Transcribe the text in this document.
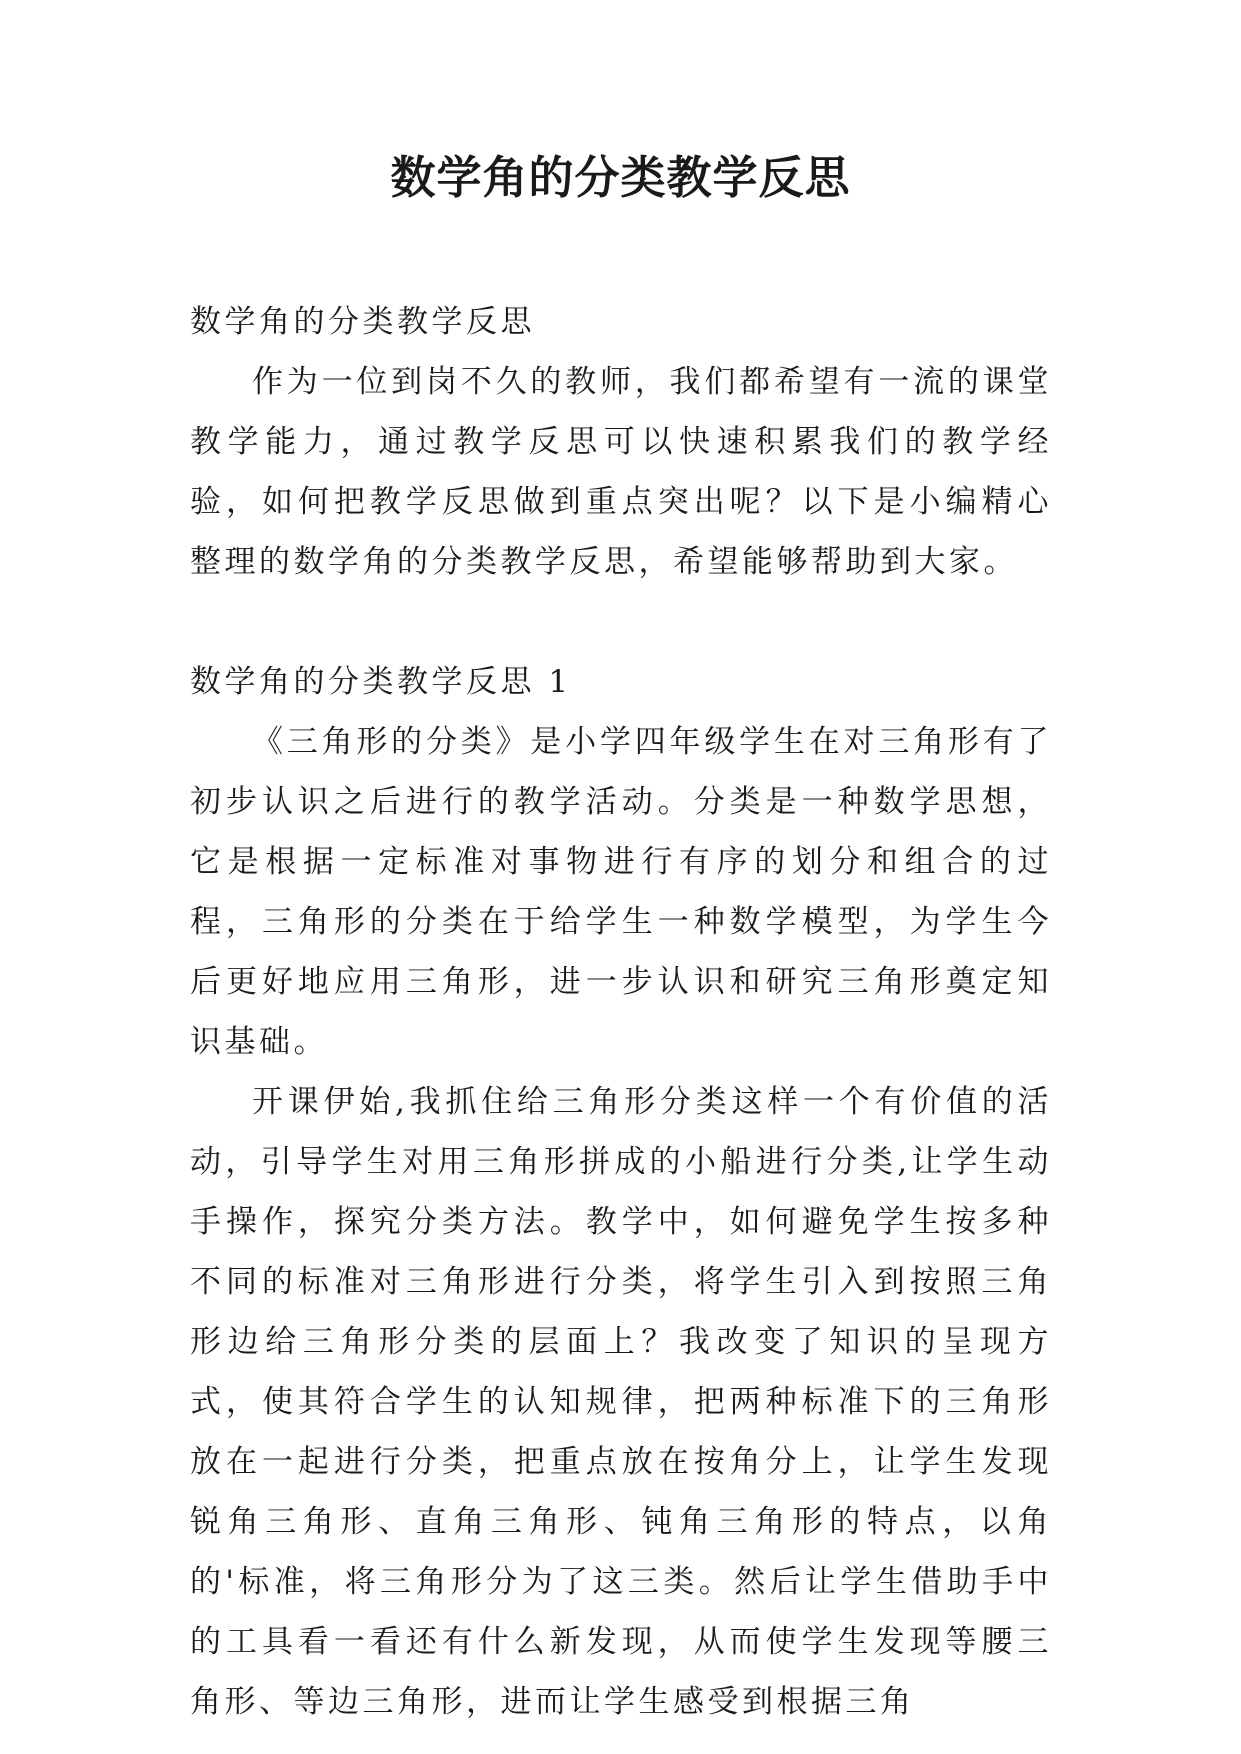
数学角的分类教学反思

数学角的分类教学反思

作为一位到岗不久的教师，我们都希望有一流的课堂教学能力，通过教学反思可以快速积累我们的教学经验，如何把教学反思做到重点突出呢？以下是小编精心整理的数学角的分类教学反思，希望能够帮助到大家。

数学角的分类教学反思 1

《三角形的分类》是小学四年级学生在对三角形有了初步认识之后进行的教学活动。分类是一种数学思想，它是根据一定标准对事物进行有序的划分和组合的过程，三角形的分类在于给学生一种数学模型，为学生今后更好地应用三角形，进一步认识和研究三角形奠定知识基础。

开课伊始,我抓住给三角形分类这样一个有价值的活动，引导学生对用三角形拼成的小船进行分类,让学生动手操作，探究分类方法。教学中，如何避免学生按多种不同的标准对三角形进行分类，将学生引入到按照三角形边给三角形分类的层面上？我改变了知识的呈现方式，使其符合学生的认知规律，把两种标准下的三角形放在一起进行分类，把重点放在按角分上，让学生发现锐角三角形、直角三角形、钝角三角形的特点，以角的'标准，将三角形分为了这三类。然后让学生借助手中的工具看一看还有什么新发现，从而使学生发现等腰三角形、等边三角形，进而让学生感受到根据三角
